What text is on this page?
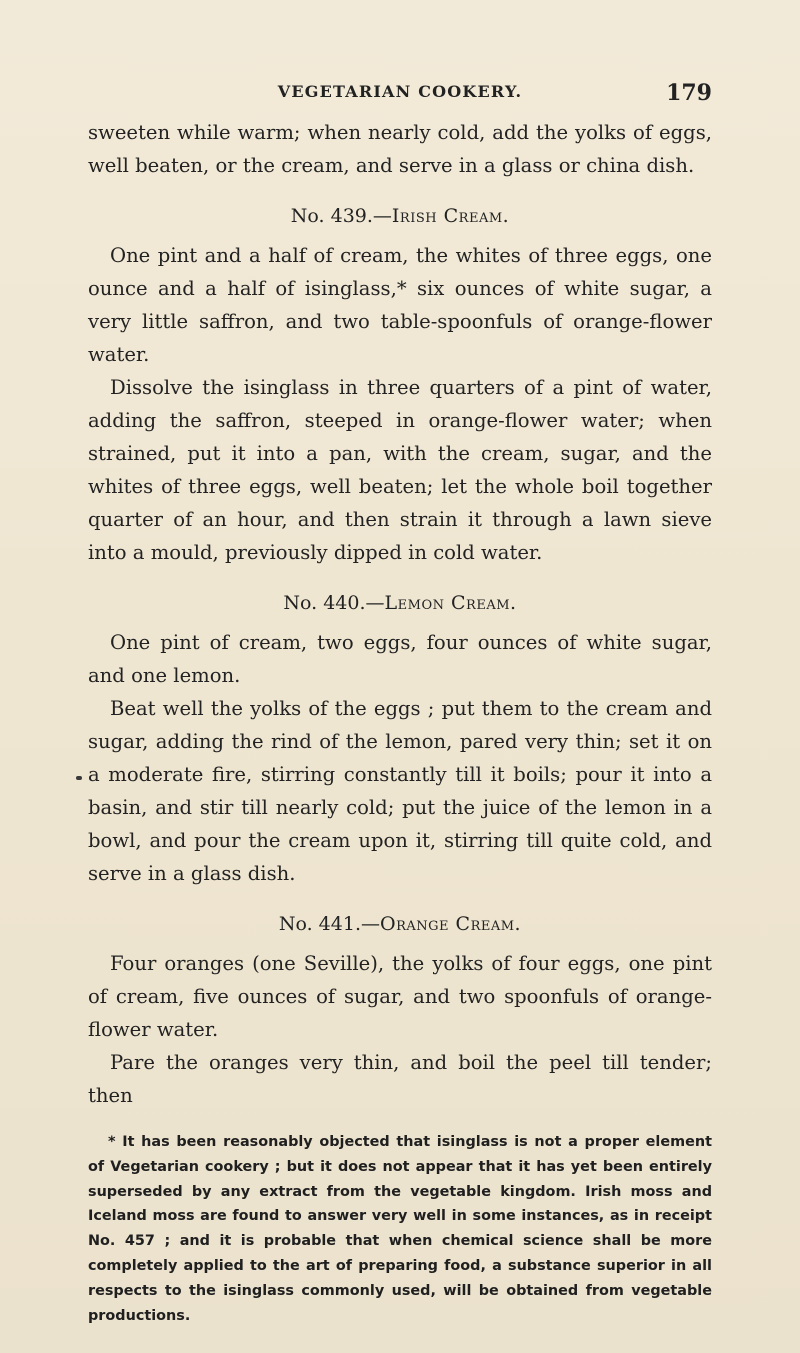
VEGETARIAN COOKERY.	179

sweeten while warm; when nearly cold, add the yolks of eggs, well beaten, or the cream, and serve in a glass or china dish.

No. 439.—Irish Cream.

One pint and a half of cream, the whites of three eggs, one ounce and a half of isinglass,* six ounces of white sugar, a very little saffron, and two table-spoonfuls of orange-flower water.

Dissolve the isinglass in three quarters of a pint of water, adding the saffron, steeped in orange-flower water; when strained, put it into a pan, with the cream, sugar, and the whites of three eggs, well beaten; let the whole boil together quarter of an hour, and then strain it through a lawn sieve into a mould, previously dipped in cold water.

No. 440.—Lemon Cream.

One pint of cream, two eggs, four ounces of white sugar, and one lemon.

Beat well the yolks of the eggs ; put them to the cream and sugar, adding the rind of the lemon, pared very thin; set it on a moderate fire, stirring constantly till it boils; pour it into a basin, and stir till nearly cold; put the juice of the lemon in a bowl, and pour the cream upon it, stirring till quite cold, and serve in a glass dish.

No. 441.—Orange Cream.

Four oranges (one Seville), the yolks of four eggs, one pint of cream, five ounces of sugar, and two spoonfuls of orange-flower water.

Pare the oranges very thin, and boil the peel till tender; then

* It has been reasonably objected that isinglass is not a proper element of Vegetarian cookery ; but it does not appear that it has yet been entirely superseded by any extract from the vegetable kingdom. Irish moss and Iceland moss are found to answer very well in some instances, as in receipt No. 457 ; and it is probable that when chemical science shall be more completely applied to the art of preparing food, a substance superior in all respects to the isinglass commonly used, will be obtained from vegetable productions.
